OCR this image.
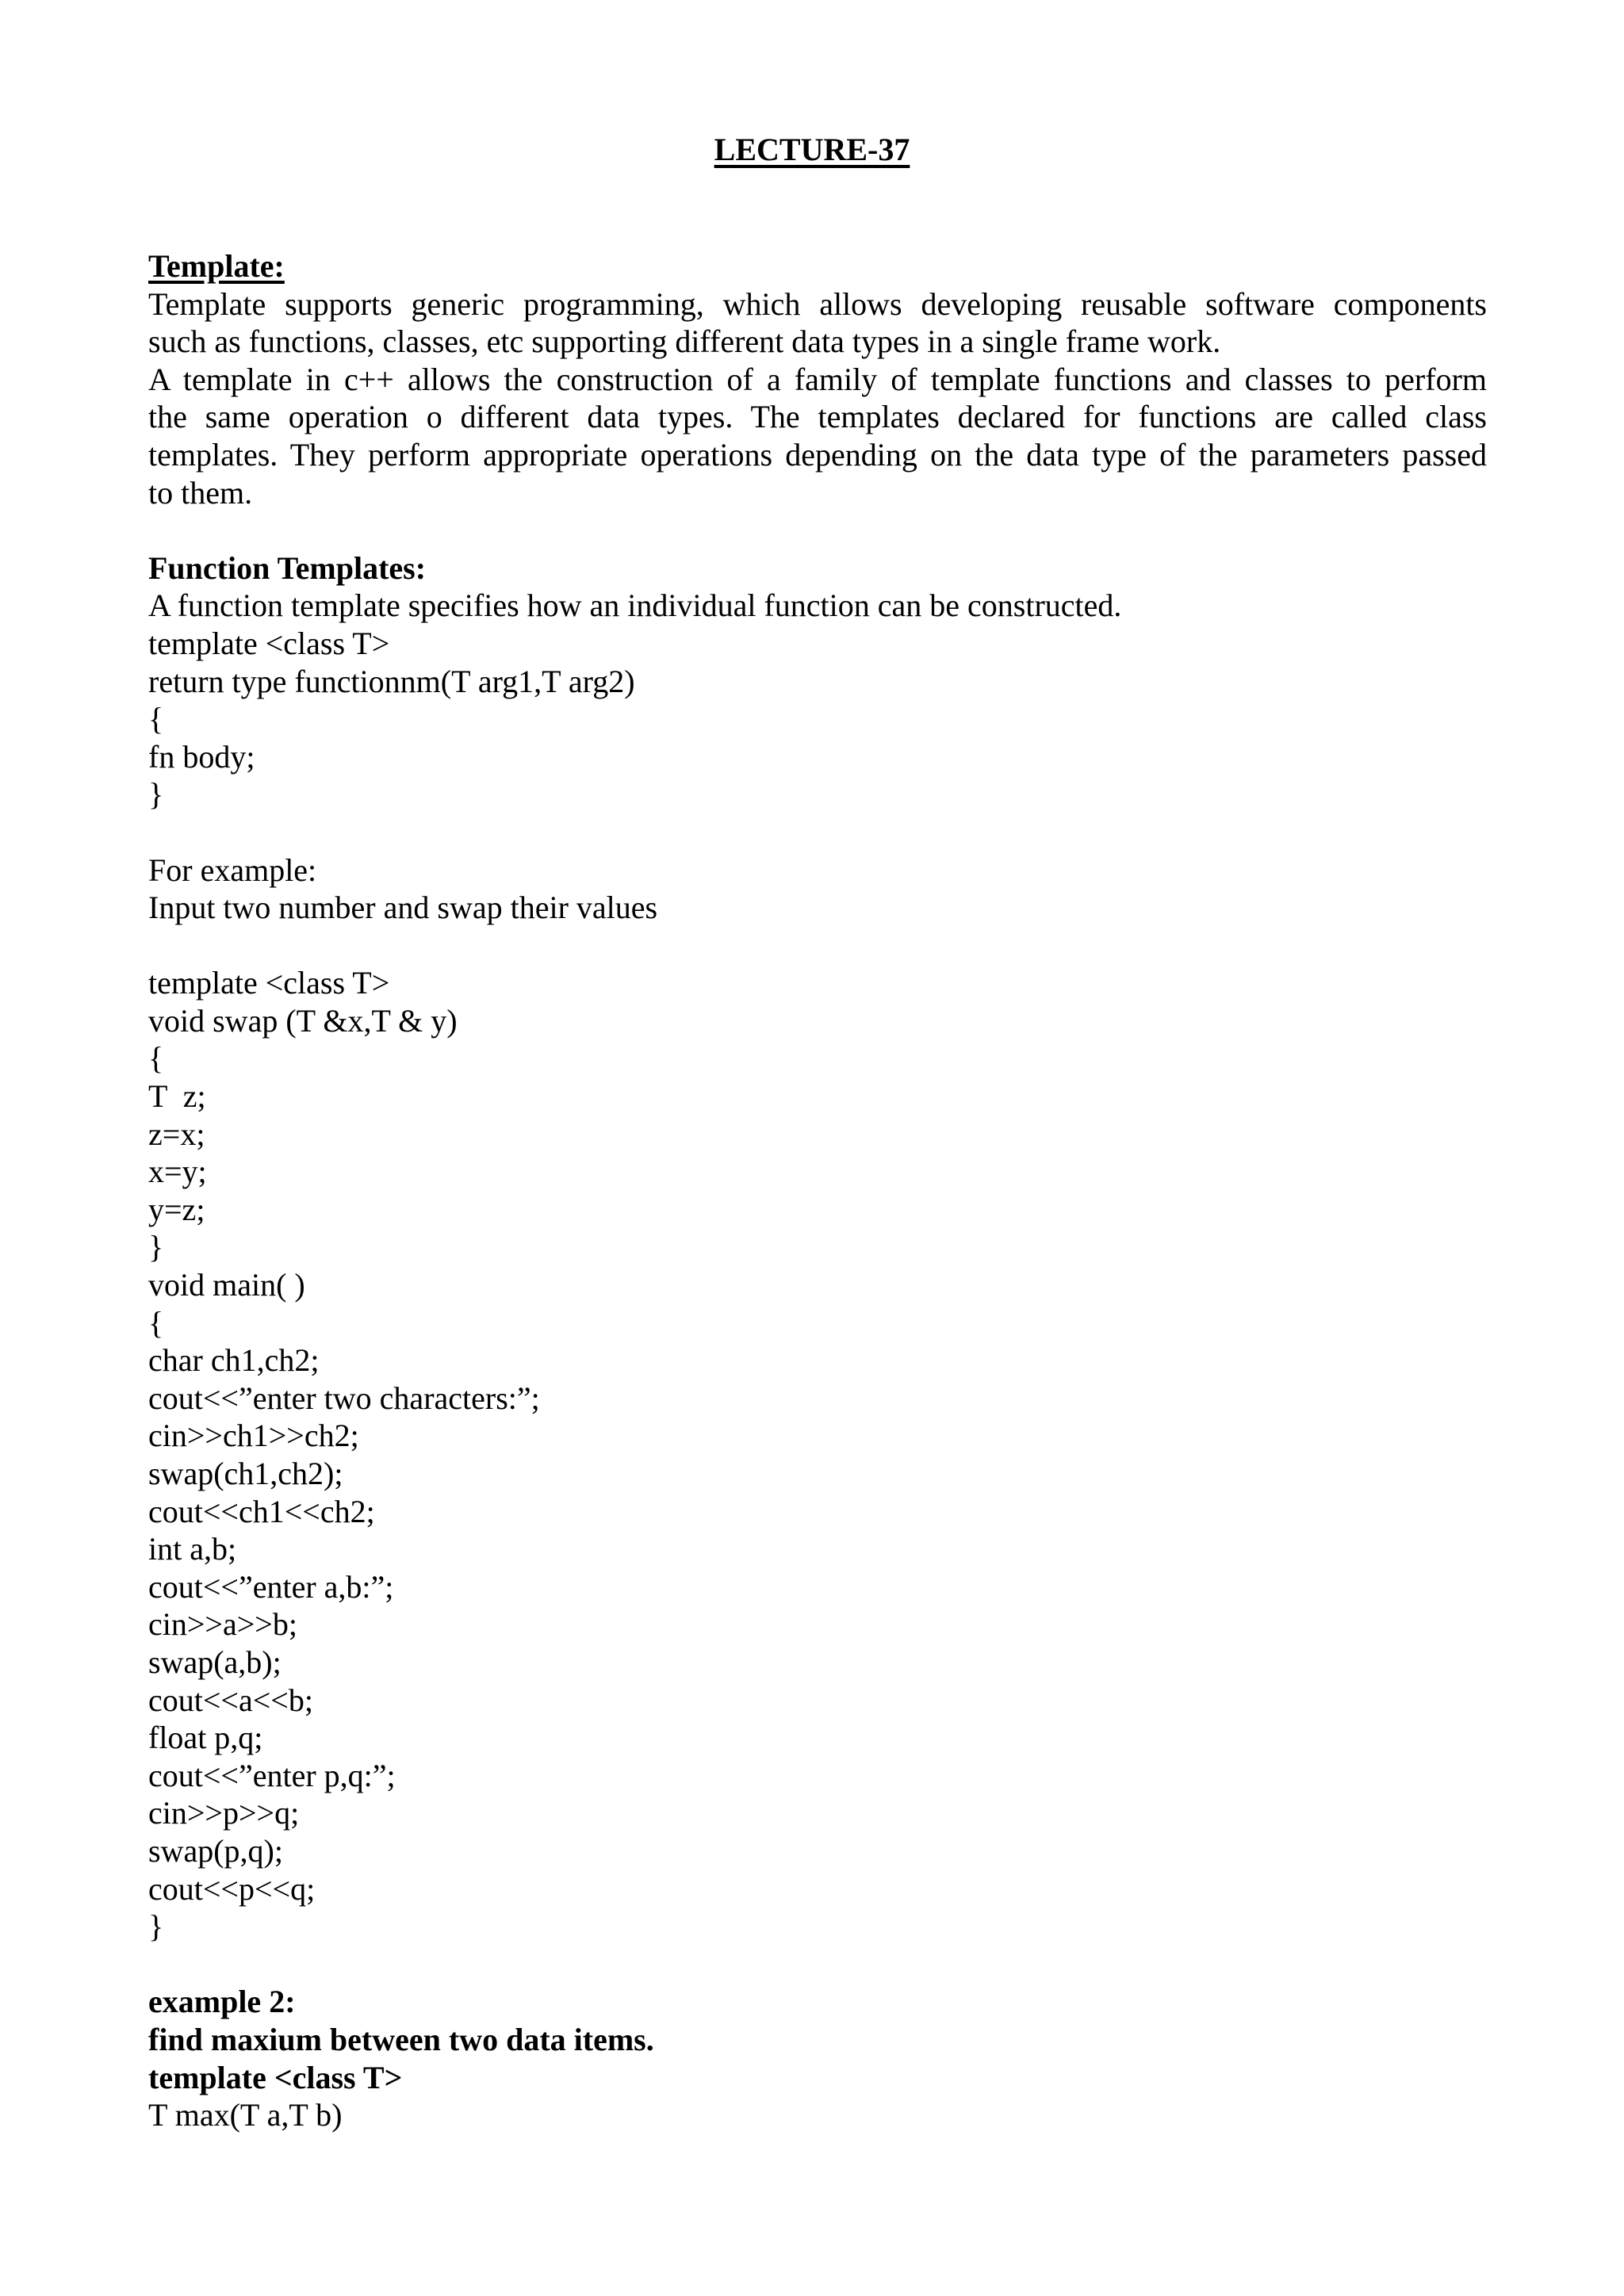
LECTURE-37
Template:
Template supports generic programming, which allows developing reusable software components
such as functions, classes, etc supporting different data types in a single frame work.
A template in c++ allows the construction of a family of template functions and classes to perform
the same operation o different data types. The templates declared for functions are called class
templates. They perform appropriate operations depending on the data type of the parameters passed
to them.
Function Templates:
A function template specifies how an individual function can be constructed.
template <class T>
return type functionnm(T arg1,T arg2)
{
fn body;
}
For example:
Input two number and swap their values
template <class T>
void swap (T &x,T & y)
{
T  z;
z=x;
x=y;
y=z;
}
void main( )
{
char ch1,ch2;
cout<<”enter two characters:”;
cin>>ch1>>ch2;
swap(ch1,ch2);
cout<<ch1<<ch2;
int a,b;
cout<<”enter a,b:”;
cin>>a>>b;
swap(a,b);
cout<<a<<b;
float p,q;
cout<<”enter p,q:”;
cin>>p>>q;
swap(p,q);
cout<<p<<q;
}
example 2:
find maxium between two data items.
template <class T>
T max(T a,T b)
